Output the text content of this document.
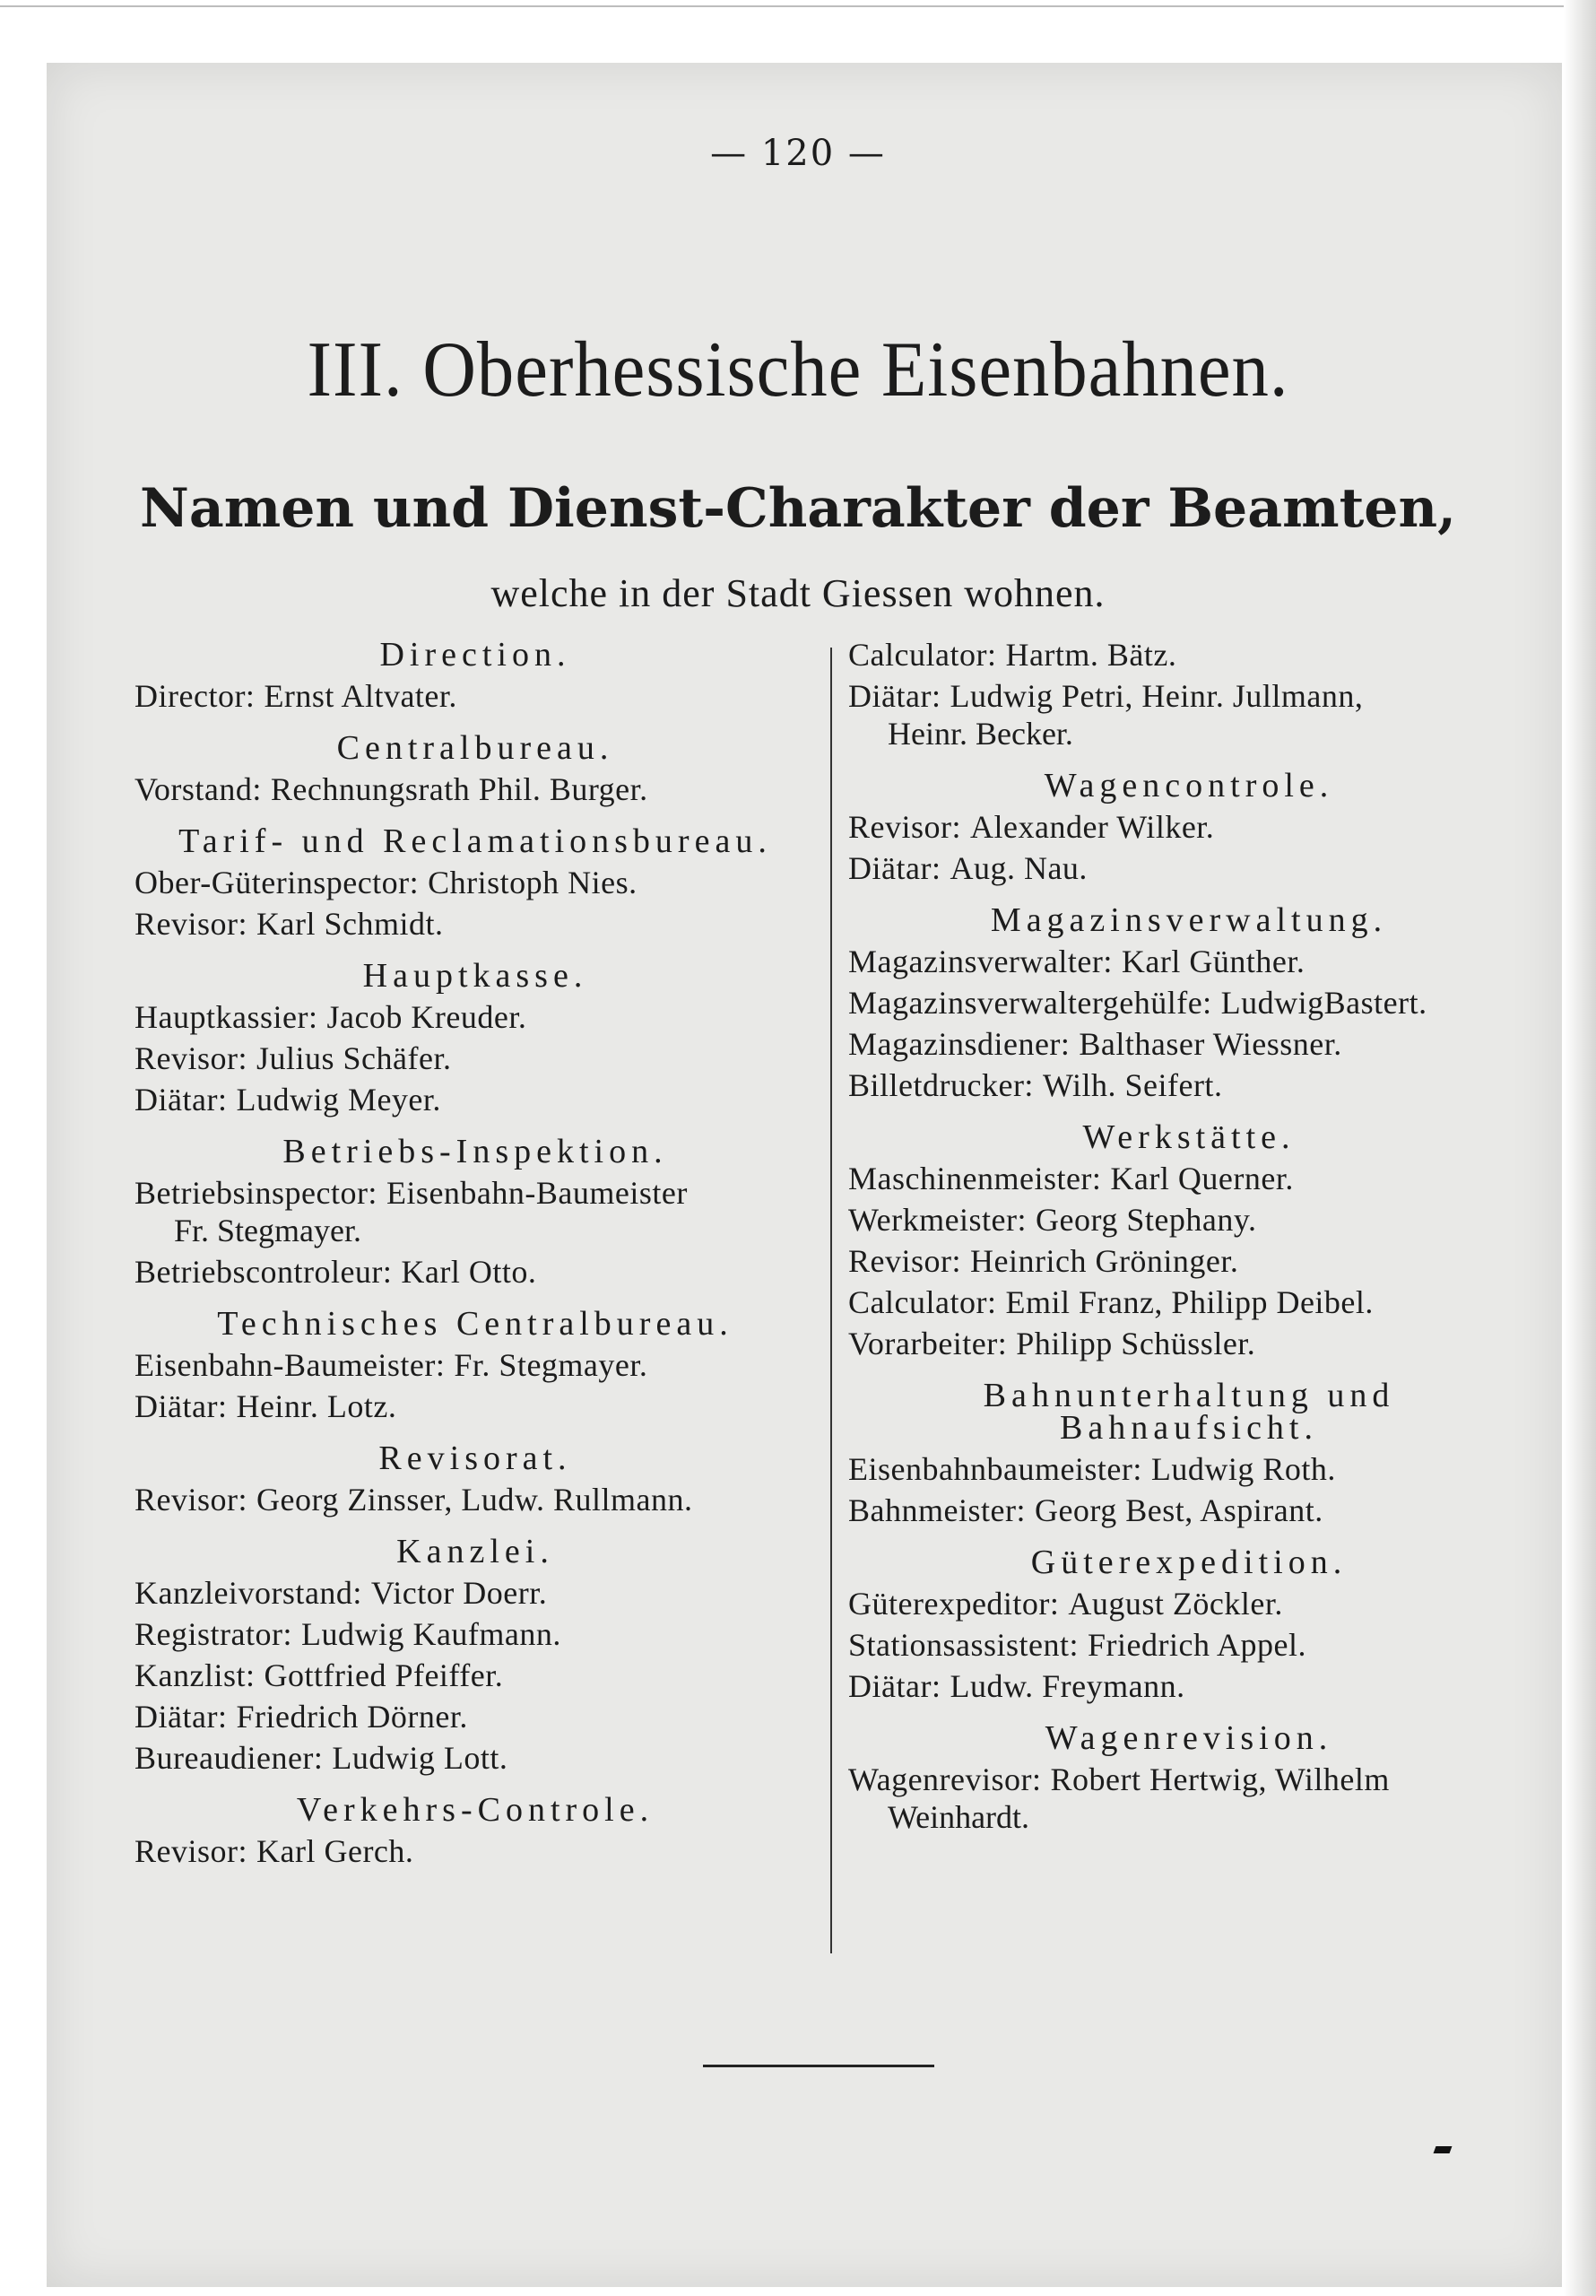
— 120 —
III. Oberhessische Eisenbahnen.
Namen und Dienst-Charakter der Beamten,
welche in der Stadt Giessen wohnen.
Direction.
Director: Ernst Altvater.
Centralbureau.
Vorstand: Rechnungsrath Phil. Burger.
Tarif- und Reclamationsbureau.
Ober-Güterinspector: Christoph Nies.
Revisor: Karl Schmidt.
Hauptkasse.
Hauptkassier: Jacob Kreuder.
Revisor: Julius Schäfer.
Diätar: Ludwig Meyer.
Betriebs-Inspektion.
Betriebsinspector: Eisenbahn-Baumeister
Fr. Stegmayer.
Betriebscontroleur: Karl Otto.
Technisches Centralbureau.
Eisenbahn-Baumeister: Fr. Stegmayer.
Diätar: Heinr. Lotz.
Revisorat.
Revisor: Georg Zinsser, Ludw. Rullmann.
Kanzlei.
Kanzleivorstand: Victor Doerr.
Registrator: Ludwig Kaufmann.
Kanzlist: Gottfried Pfeiffer.
Diätar: Friedrich Dörner.
Bureaudiener: Ludwig Lott.
Verkehrs-Controle.
Revisor: Karl Gerch.
Calculator: Hartm. Bätz.
Diätar: Ludwig Petri, Heinr. Jullmann,
Heinr. Becker.
Wagencontrole.
Revisor: Alexander Wilker.
Diätar: Aug. Nau.
Magazinsverwaltung.
Magazinsverwalter: Karl Günther.
Magazinsverwaltergehülfe: LudwigBastert.
Magazinsdiener: Balthaser Wiessner.
Billetdrucker: Wilh. Seifert.
Werkstätte.
Maschinenmeister: Karl Querner.
Werkmeister: Georg Stephany.
Revisor: Heinrich Gröninger.
Calculator: Emil Franz, Philipp Deibel.
Vorarbeiter: Philipp Schüssler.
Bahnunterhaltung und Bahnaufsicht.
Eisenbahnbaumeister: Ludwig Roth.
Bahnmeister: Georg Best, Aspirant.
Güterexpedition.
Güterexpeditor: August Zöckler.
Stationsassistent: Friedrich Appel.
Diätar: Ludw. Freymann.
Wagenrevision.
Wagenrevisor: Robert Hertwig, Wilhelm
Weinhardt.
